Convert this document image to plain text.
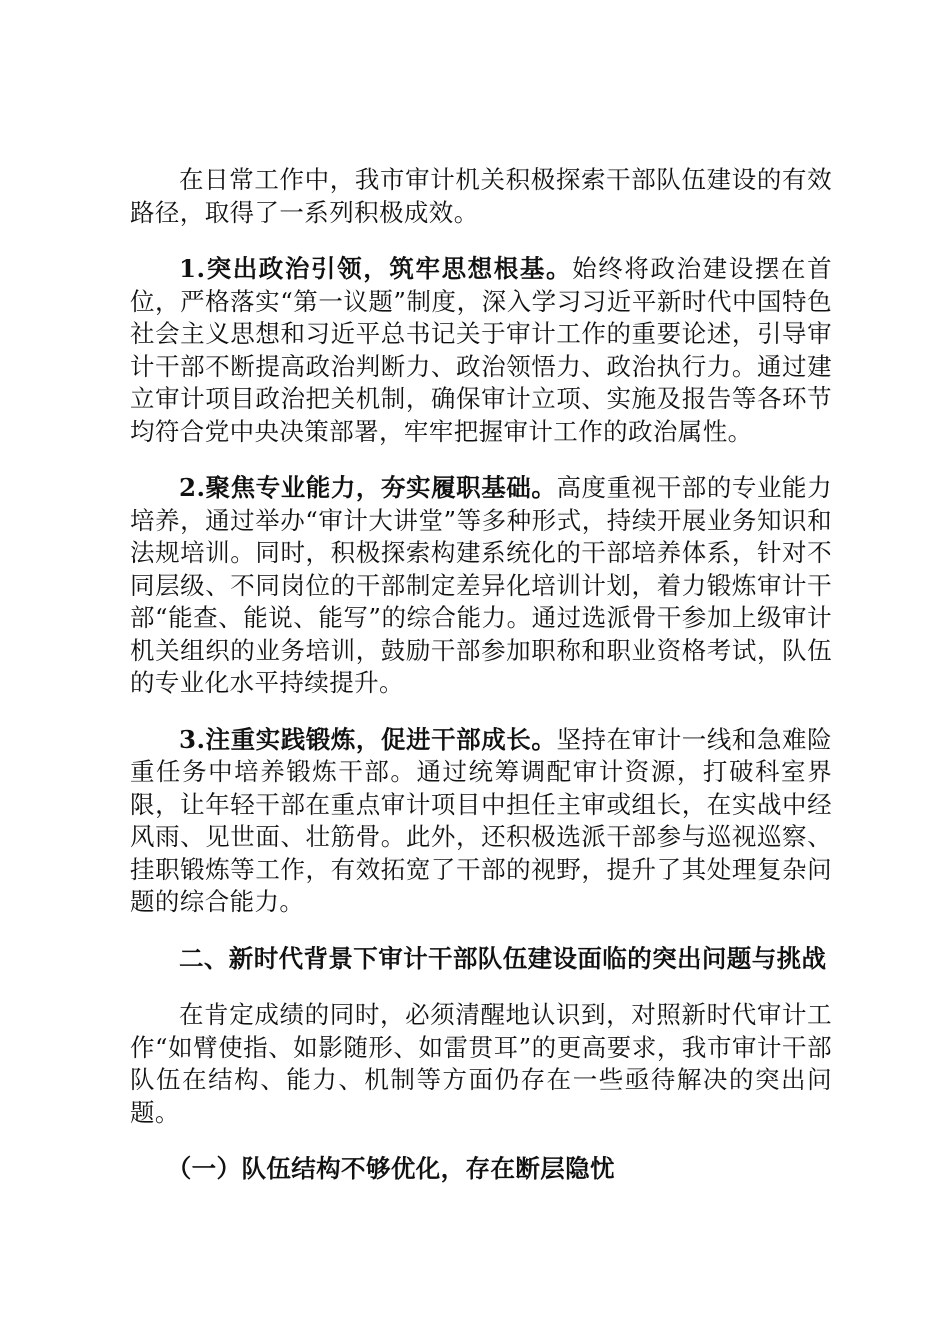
在日常工作中，我市审计机关积极探索干部队伍建设的有效路径，取得了一系列积极成效。

1.突出政治引领，筑牢思想根基。始终将政治建设摆在首位，严格落实“第一议题”制度，深入学习习近平新时代中国特色社会主义思想和习近平总书记关于审计工作的重要论述，引导审计干部不断提高政治判断力、政治领悟力、政治执行力。通过建立审计项目政治把关机制，确保审计立项、实施及报告等各环节均符合党中央决策部署，牢牢把握审计工作的政治属性。

2.聚焦专业能力，夯实履职基础。高度重视干部的专业能力培养，通过举办“审计大讲堂”等多种形式，持续开展业务知识和法规培训。同时，积极探索构建系统化的干部培养体系，针对不同层级、不同岗位的干部制定差异化培训计划，着力锻炼审计干部“能查、能说、能写”的综合能力。通过选派骨干参加上级审计机关组织的业务培训，鼓励干部参加职称和职业资格考试，队伍的专业化水平持续提升。

3.注重实践锻炼，促进干部成长。坚持在审计一线和急难险重任务中培养锻炼干部。通过统筹调配审计资源，打破科室界限，让年轻干部在重点审计项目中担任主审或组长，在实战中经风雨、见世面、壮筋骨。此外，还积极选派干部参与巡视巡察、挂职锻炼等工作，有效拓宽了干部的视野，提升了其处理复杂问题的综合能力。

二、新时代背景下审计干部队伍建设面临的突出问题与挑战

在肯定成绩的同时，必须清醒地认识到，对照新时代审计工作“如臂使指、如影随形、如雷贯耳”的更高要求，我市审计干部队伍在结构、能力、机制等方面仍存在一些亟待解决的突出问题。

（一）队伍结构不够优化，存在断层隐忧
